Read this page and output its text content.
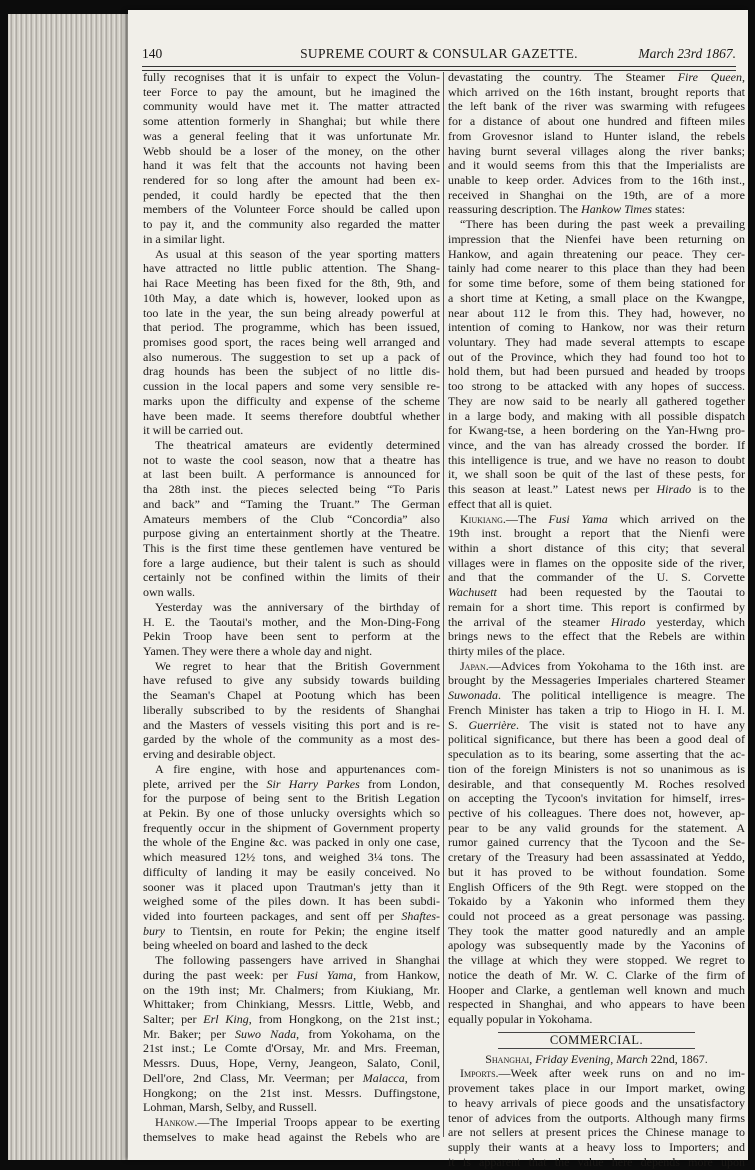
140	SUPREME COURT & CONSULAR GAZETTE.	March 23rd 1867.
fully recognises that it is unfair to expect the Volun-
teer Force to pay the amount, but he imagined the
community would have met it. The matter attracted
some attention formerly in Shanghai; but while there
was a general feeling that it was unfortunate Mr.
Webb should be a loser of the money, on the other
hand it was felt that the accounts not having been
rendered for so long after the amount had been ex-
pended, it could hardly be epected that the then
members of the Volunteer Force should be called upon
to pay it, and the community also regarded the matter
in a similar light.
As usual at this season of the year sporting matters
have attracted no little public attention. The Shang-
hai Race Meeting has been fixed for the 8th, 9th, and
10th May, a date which is, however, looked upon as
too late in the year, the sun being already powerful at
that period. The programme, which has been issued,
promises good sport, the races being well arranged and
also numerous. The suggestion to set up a pack of
drag hounds has been the subject of no little dis-
cussion in the local papers and some very sensible re-
marks upon the difficulty and expense of the scheme
have been made. It seems therefore doubtful whether
it will be carried out.
The theatrical amateurs are evidently determined
not to waste the cool season, now that a theatre has
at last been built. A performance is announced for
tha 28th inst. the pieces selected being “To Paris
and back” and “Taming the Truant.” The German
Amateurs members of the Club “Concordia” also
purpose giving an entertainment shortly at the Theatre.
This is the first time these gentlemen have ventured be
fore a large audience, but their talent is such as should
certainly not be confined within the limits of their
own walls.
Yesterday was the anniversary of the birthday of
H. E. the Taoutai's mother, and the Mon-Ding-Fong
Pekin Troop have been sent to perform at the
Yamen. They were there a whole day and night.
We regret to hear that the British Government
have refused to give any subsidy towards building
the Seaman's Chapel at Pootung which has been
liberally subscribed to by the residents of Shanghai
and the Masters of vessels visiting this port and is re-
garded by the whole of the community as a most des-
erving and desirable object.
A fire engine, with hose and appurtenances com-
plete, arrived per the Sir Harry Parkes from London,
for the purpose of being sent to the British Legation
at Pekin. By one of those unlucky oversights which so
frequently occur in the shipment of Government property
the whole of the Engine &c. was packed in only one case,
which measured 12½ tons, and weighed 3¼ tons. The
difficulty of landing it may be easily conceived. No
sooner was it placed upon Trautman's jetty than it
weighed some of the piles down. It has been subdi-
vided into fourteen packages, and sent off per Shaftes-
bury to Tientsin, en route for Pekin; the engine itself
being wheeled on board and lashed to the deck
The following passengers have arrived in Shanghai
during the past week: per Fusi Yama, from Hankow,
on the 19th inst; Mr. Chalmers; from Kiukiang, Mr.
Whittaker; from Chinkiang, Messrs. Little, Webb, and
Salter; per Erl King, from Hongkong, on the 21st inst.;
Mr. Baker; per Suwo Nada, from Yokohama, on the
21st inst.; Le Comte d'Orsay, Mr. and Mrs. Freeman,
Messrs. Duus, Hope, Verny, Jeangeon, Salato, Conil,
Dell'ore, 2nd Class, Mr. Veerman; per Malacca, from
Hongkong; on the 21st inst. Messrs. Duffingstone,
Lohman, Marsh, Selby, and Russell.
Hankow.—The Imperial Troops appear to be exerting
themselves to make head against the Rebels who are
devastating the country. The Steamer Fire Queen,
which arrived on the 16th instant, brought reports that
the left bank of the river was swarming with refugees
for a distance of about one hundred and fifteen miles
from Grovesnor island to Hunter island, the rebels
having burnt several villages along the river banks;
and it would seems from this that the Imperialists are
unable to keep order. Advices from to the 16th inst.,
received in Shanghai on the 19th, are of a more
reassuring description. The Hankow Times states:
“There has been during the past week a prevailing
impression that the Nienfei have been returning on
Hankow, and again threatening our peace. They cer-
tainly had come nearer to this place than they had been
for some time before, some of them being stationed for
a short time at Keting, a small place on the Kwangpe,
near about 112 le from this. They had, however, no
intention of coming to Hankow, nor was their return
voluntary. They had made several attempts to escape
out of the Province, which they had found too hot to
hold them, but had been pursued and headed by troops
too strong to be attacked with any hopes of success.
They are now said to be nearly all gathered together
in a large body, and making with all possible dispatch
for Kwang-tse, a heen bordering on the Yan-Hwng pro-
vince, and the van has already crossed the border. If
this intelligence is true, and we have no reason to doubt
it, we shall soon be quit of the last of these pests, for
this season at least.” Latest news per Hirado is to the
effect that all is quiet.
Kiukiang.—The Fusi Yama which arrived on the
19th inst. brought a report that the Nienfi were
within a short distance of this city; that several
villages were in flames on the opposite side of the river,
and that the commander of the U. S. Corvette
Wachusett had been requested by the Taoutai to
remain for a short time. This report is confirmed by
the arrival of the steamer Hirado yesterday, which
brings news to the effect that the Rebels are within
thirty miles of the place.
Japan.—Advices from Yokohama to the 16th inst. are
brought by the Messageries Imperiales chartered Steamer
Suwonada. The political intelligence is meagre. The
French Minister has taken a trip to Hiogo in H. I. M.
S. Guerrière. The visit is stated not to have any
political significance, but there has been a good deal of
speculation as to its bearing, some asserting that the ac-
tion of the foreign Ministers is not so unanimous as is
desirable, and that consequently M. Roches resolved
on accepting the Tycoon's invitation for himself, irres-
pective of his colleagues. There does not, however, ap-
pear to be any valid grounds for the statement. A
rumor gained currency that the Tycoon and the Se-
cretary of the Treasury had been assassinated at Yeddo,
but it has proved to be without foundation. Some
English Officers of the 9th Regt. were stopped on the
Tokaido by a Yakonin who informed them they
could not proceed as a great personage was passing.
They took the matter good naturedly and an ample
apology was subsequently made by the Yaconins of
the village at which they were stopped. We regret to
notice the death of Mr. W. C. Clarke of the firm of
Hooper and Clarke, a gentleman well known and much
respected in Shanghai, and who appears to have been
equally popular in Yokohama.
COMMERCIAL.
Shanghai, Friday Evening, March 22nd, 1867.
Imports.—Week after week runs on and no im-
provement takes place in our Import market, owing
to heavy arrivals of piece goods and the unsatisfactory
tenor of advices from the outports. Although many firms
are not sellers at present prices the Chinese manage to
supply their wants at a heavy loss to Importers; and
it is apparent that the value here depends more upon
